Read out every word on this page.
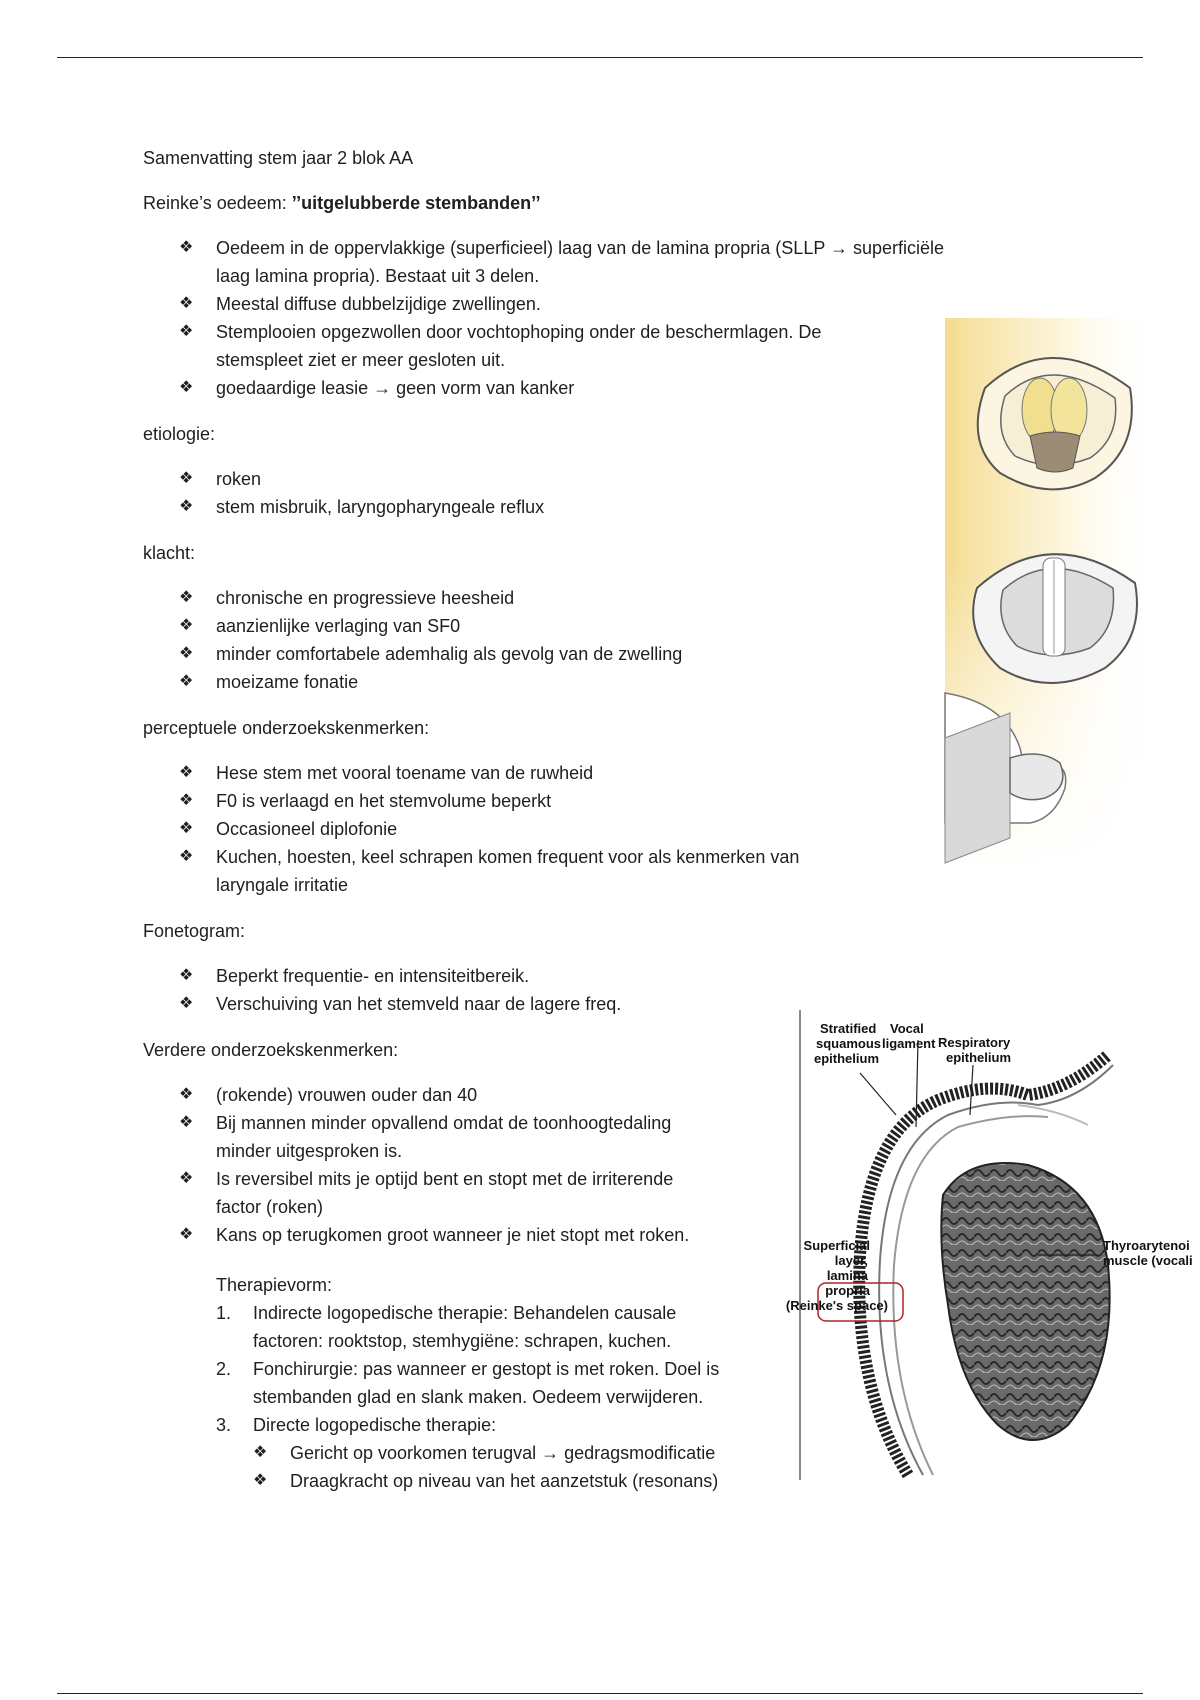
Samenvatting stem jaar 2 blok AA

Reinke’s oedeem: ’’uitgelubberde stembanden’’

❖ Oedeem in de oppervlakkige (superficieel) laag van de lamina propria (SLLP → superficiële
laag lamina propria). Bestaat uit 3 delen.
❖ Meestal diffuse dubbelzijdige zwellingen.
❖ Stemplooien opgezwollen door vochtophoping onder de beschermlagen. De
stemspleet ziet er meer gesloten uit.
❖ goedaardige leasie → geen vorm van kanker

etiologie:

❖ roken
❖ stem misbruik, laryngopharyngeale reflux

klacht:

❖ chronische en progressieve heesheid
❖ aanzienlijke verlaging van SF0
❖ minder comfortabele ademhalig als gevolg van de zwelling
❖ moeizame fonatie

perceptuele onderzoekskenmerken:

❖ Hese stem met vooral toename van de ruwheid
❖ F0 is verlaagd en het stemvolume beperkt
❖ Occasioneel diplofonie
❖ Kuchen, hoesten, keel schrapen komen frequent voor als kenmerken van
laryngale irritatie

Fonetogram:

❖ Beperkt frequentie- en intensiteitbereik.
❖ Verschuiving van het stemveld naar de lagere freq.

Verdere onderzoekskenmerken:

❖ (rokende) vrouwen ouder dan 40
❖ Bij mannen minder opvallend omdat de toonhoogtedaling
minder uitgesproken is.
❖ Is reversibel mits je optijd bent en stopt met de irriterende
factor (roken)
❖ Kans op terugkomen groot wanneer je niet stopt met roken.

Therapievorm:

1. Indirecte logopedische therapie: Behandelen causale
factoren: rooktstop, stemhygiëne: schrapen, kuchen.
2. Fonchirurgie: pas wanneer er gestopt is met roken. Doel is
stembanden glad en slank maken. Oedeem verwijderen.
3. Directe logopedische therapie:
❖ Gericht op voorkomen terugval → gedragsmodificatie
❖ Draagkracht op niveau van het aanzetstuk (resonans)
Stratified squamous epithelium
Vocal ligament Respiratory epithelium
Superficial layer, lamina propria (Reinke's space)
Thyroarytenoi muscle (vocali
